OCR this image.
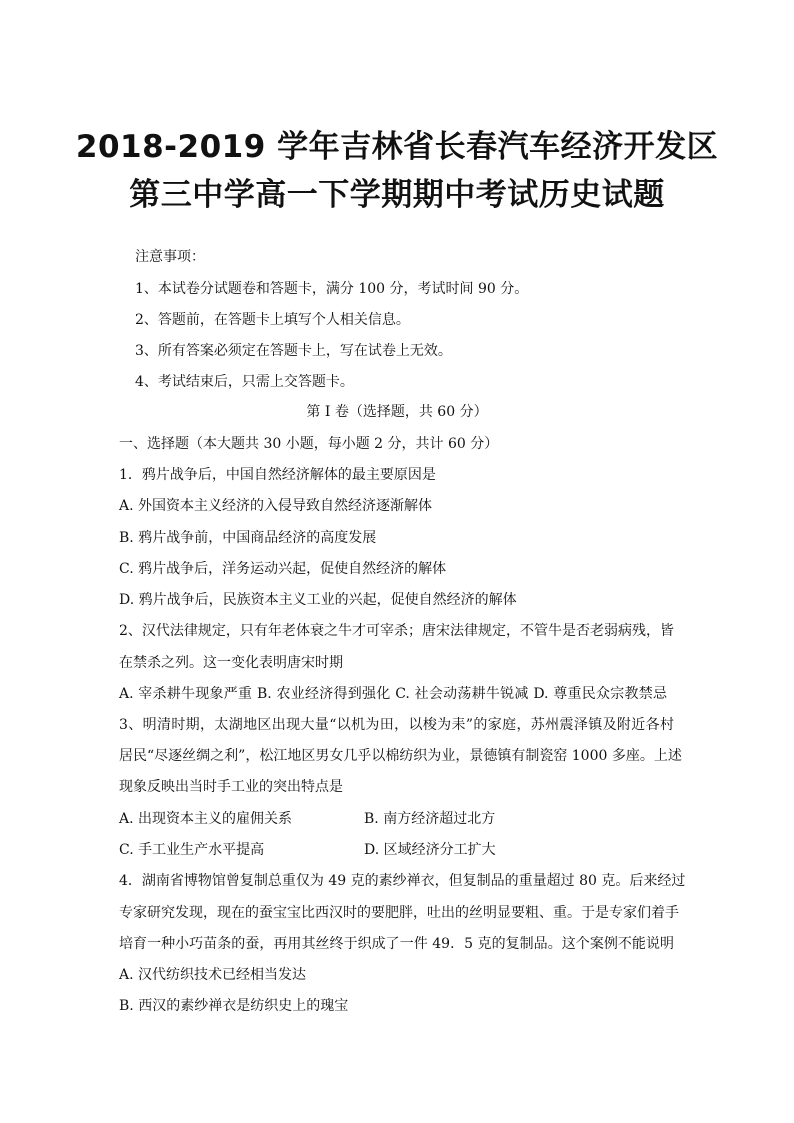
2018-2019 学年吉林省长春汽车经济开发区
第三中学高一下学期期中考试历史试题
注意事项：
1、本试卷分试题卷和答题卡，满分 100 分，考试时间 90 分。
2、答题前，在答题卡上填写个人相关信息。
3、所有答案必须定在答题卡上，写在试卷上无效。
4、考试结束后，只需上交答题卡。
第 I 卷（选择题，共 60 分）
一、选择题（本大题共 30 小题，每小题 2 分，共计 60 分）
1．鸦片战争后，中国自然经济解体的最主要原因是
A. 外国资本主义经济的入侵导致自然经济逐渐解体
B. 鸦片战争前，中国商品经济的高度发展
C. 鸦片战争后，洋务运动兴起，促使自然经济的解体
D. 鸦片战争后，民族资本主义工业的兴起，促使自然经济的解体
2、汉代法律规定，只有年老体衰之牛才可宰杀；唐宋法律规定，不管牛是否老弱病残，皆
在禁杀之列。这一变化表明唐宋时期
A. 宰杀耕牛现象严重 B. 农业经济得到强化 C. 社会动荡耕牛锐减 D. 尊重民众宗教禁忌
3、明清时期，太湖地区出现大量“以机为田，以梭为耒”的家庭，苏州震泽镇及附近各村
居民“尽逐丝绸之利”，松江地区男女几乎以棉纺织为业，景德镇有制瓷窑 1000 多座。上述
现象反映出当时手工业的突出特点是
A. 出现资本主义的雇佣关系	B. 南方经济超过北方
C. 手工业生产水平提高	D. 区域经济分工扩大
4．湖南省博物馆曾复制总重仅为 49 克的素纱禅衣，但复制品的重量超过 80 克。后来经过
专家研究发现，现在的蚕宝宝比西汉时的要肥胖，吐出的丝明显要粗、重。于是专家们着手
培育一种小巧苗条的蚕，再用其丝终于织成了一件 49．5 克的复制品。这个案例不能说明
A. 汉代纺织技术已经相当发达
B. 西汉的素纱禅衣是纺织史上的瑰宝
